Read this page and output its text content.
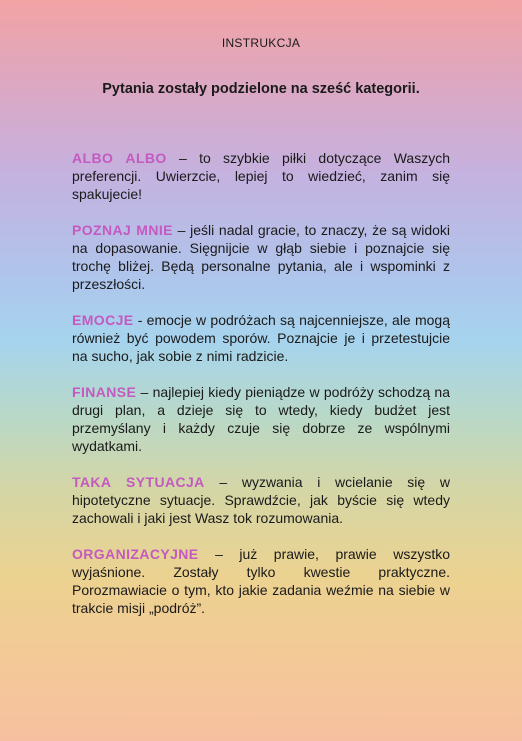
INSTRUKCJA
Pytania zostały podzielone na sześć kategorii.

ALBO ALBO – to szybkie piłki dotyczące Waszych preferencji. Uwierzcie, lepiej to wiedzieć, zanim się spakujecie!

POZNAJ MNIE – jeśli nadal gracie, to znaczy, że są widoki na dopasowanie. Sięgnijcie w głąb siebie i poznajcie się trochę bliżej. Będą personalne pytania, ale i wspominki z przeszłości.

EMOCJE - emocje w podróżach są najcenniejsze, ale mogą również być powodem sporów. Poznajcie je i przetestujcie na sucho, jak sobie z nimi radzicie.

FINANSE – najlepiej kiedy pieniądze w podróży schodzą na drugi plan, a dzieje się to wtedy, kiedy budżet jest przemyślany i każdy czuje się dobrze ze wspólnymi wydatkami.

TAKA SYTUACJA – wyzwania i wcielanie się w hipotetyczne sytuacje. Sprawdźcie, jak byście się wtedy zachowali i jaki jest Wasz tok rozumowania.

ORGANIZACYJNE – już prawie, prawie wszystko wyjaśnione. Zostały tylko kwestie praktyczne. Porozmawiacie o tym, kto jakie zadania weźmie na siebie w trakcie misji „podróż”.
